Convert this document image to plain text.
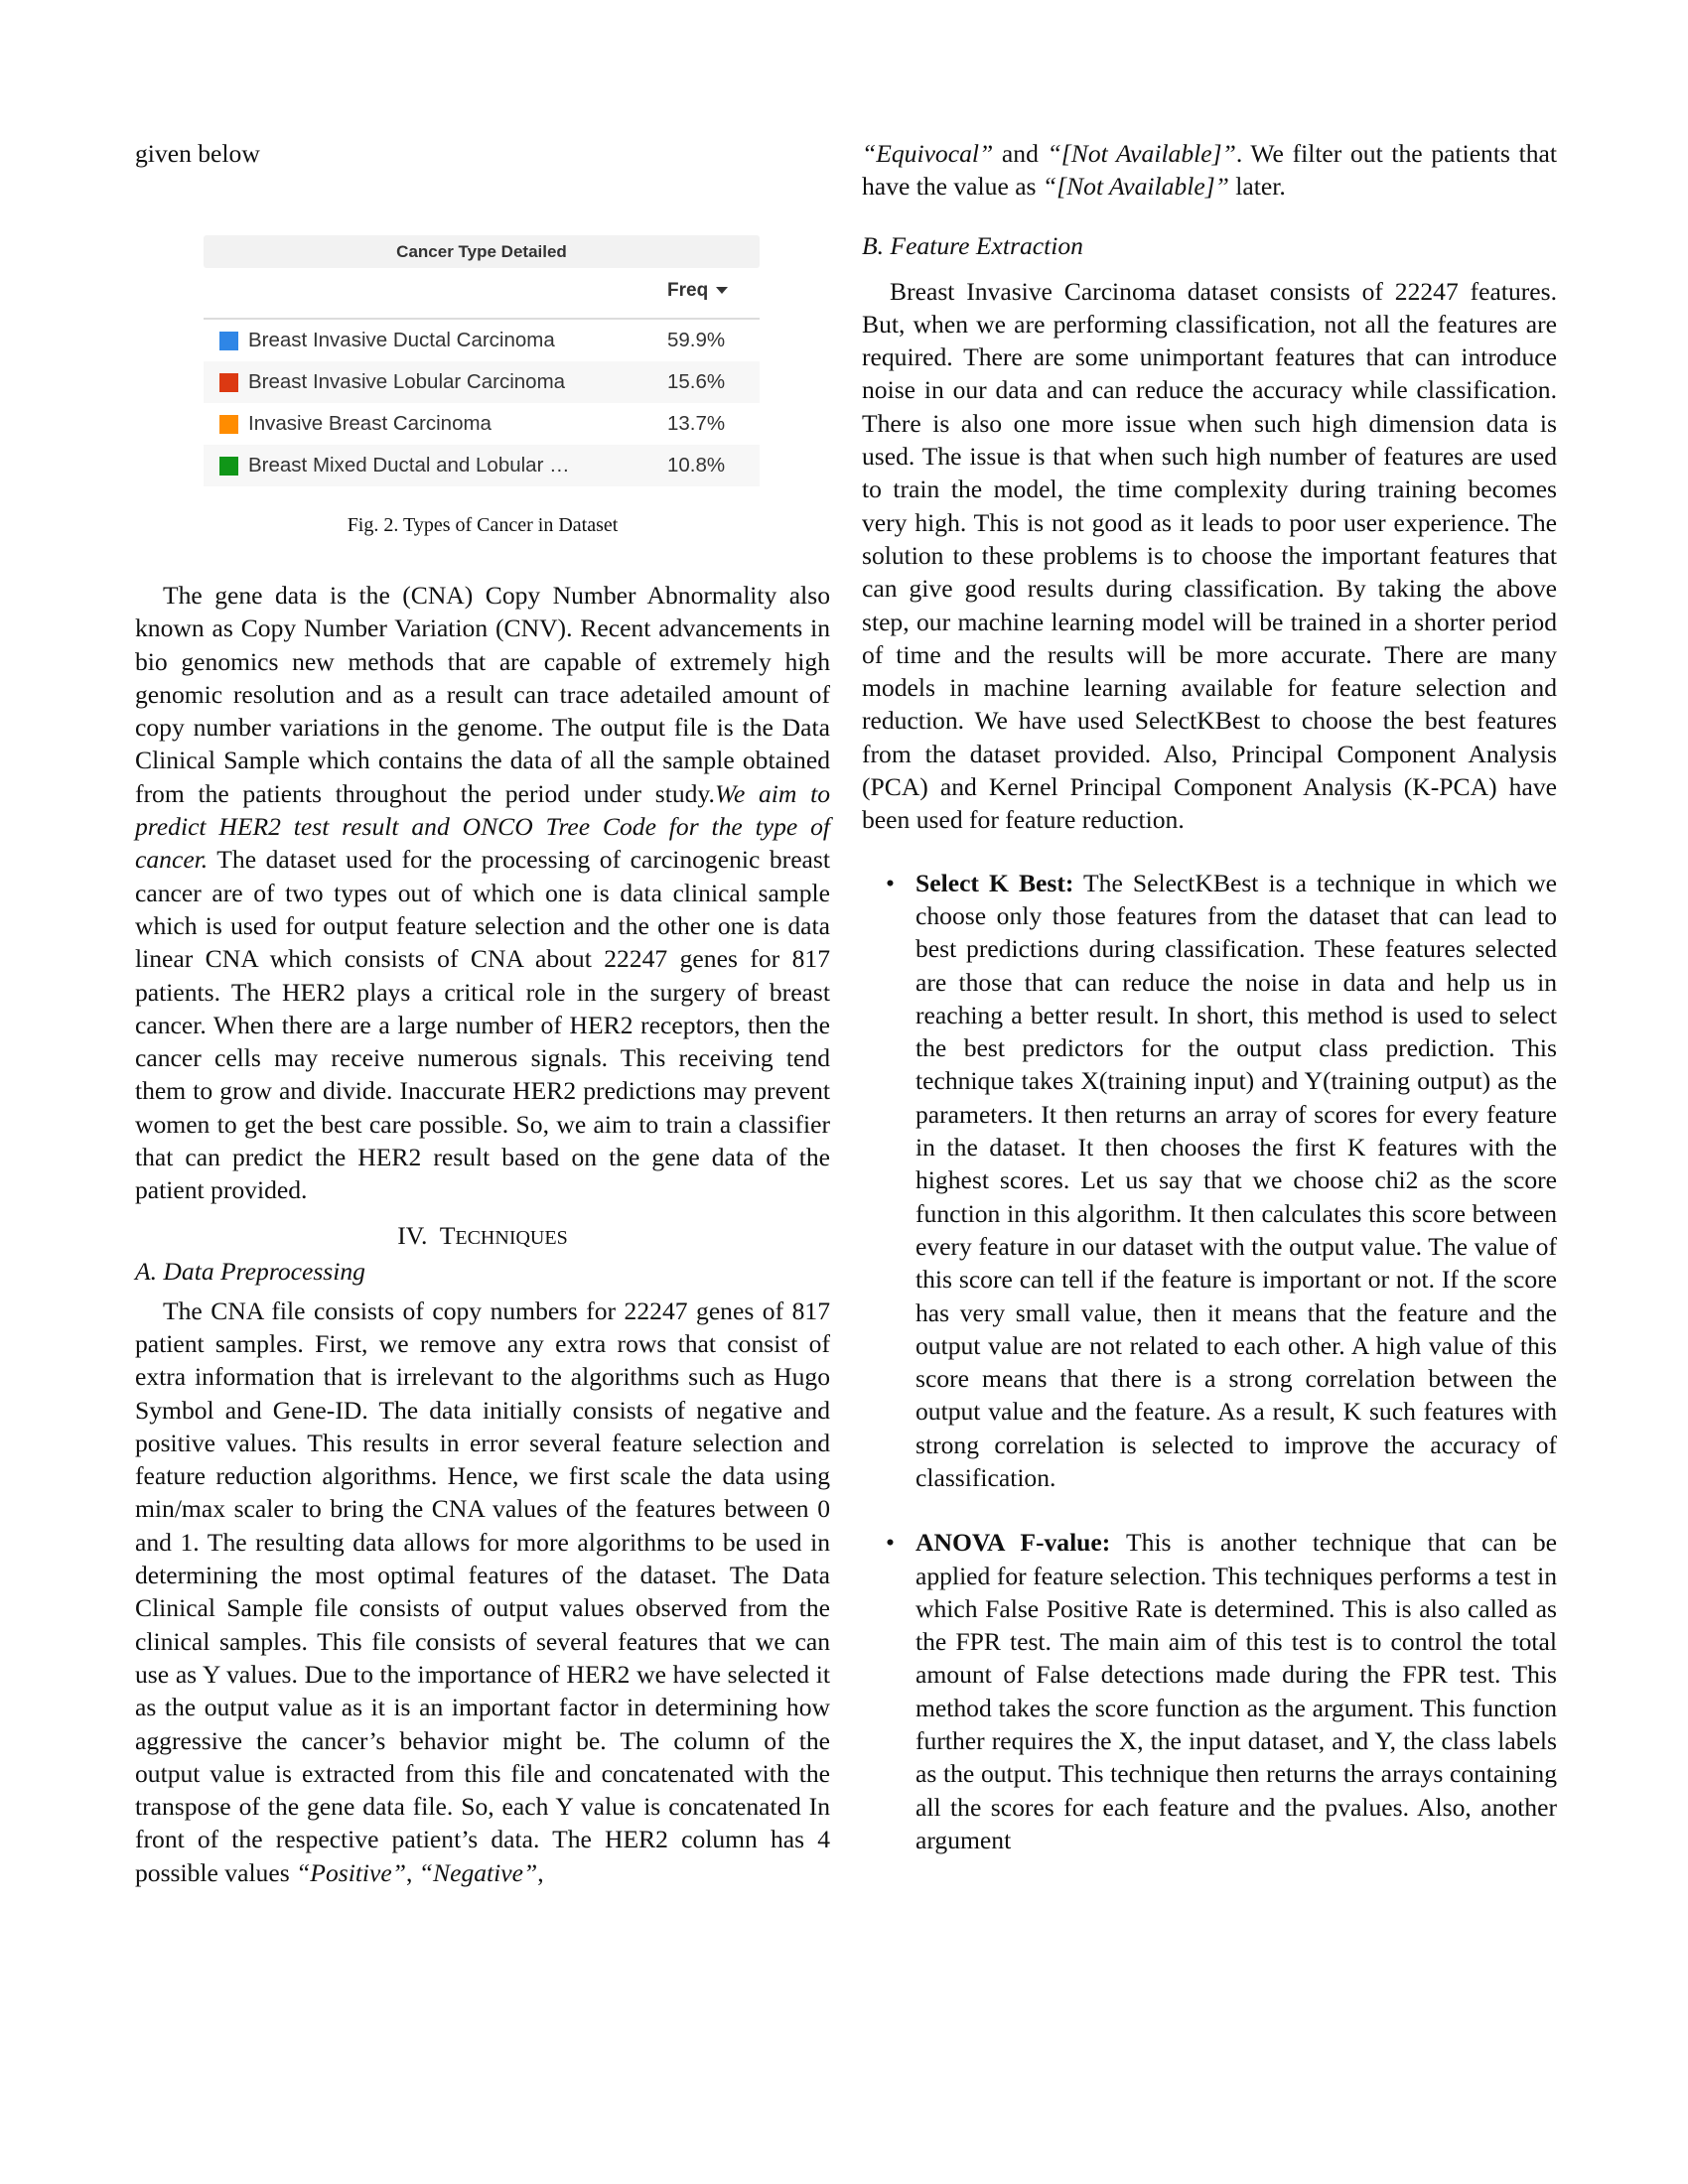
given below
Cancer Type Detailed
Freq
Breast Invasive Ductal Carcinoma	59.9%
Breast Invasive Lobular Carcinoma	15.6%
Invasive Breast Carcinoma	13.7%
Breast Mixed Ductal and Lobular …	10.8%
Fig. 2. Types of Cancer in Dataset

The gene data is the (CNA) Copy Number Abnormality also known as Copy Number Variation (CNV). Recent advancements in bio genomics new methods that are capable of extremely high genomic resolution and as a result can trace adetailed amount of copy number variations in the genome. The output file is the Data Clinical Sample which contains the data of all the sample obtained from the patients throughout the period under study.We aim to predict HER2 test result and ONCO Tree Code for the type of cancer. The dataset used for the processing of carcinogenic breast cancer are of two types out of which one is data clinical sample which is used for output feature selection and the other one is data linear CNA which consists of CNA about 22247 genes for 817 patients. The HER2 plays a critical role in the surgery of breast cancer. When there are a large number of HER2 receptors, then the cancer cells may receive numerous signals. This receiving tend them to grow and divide. Inaccurate HER2 predictions may prevent women to get the best care possible. So, we aim to train a classifier that can predict the HER2 result based on the gene data of the patient provided.

IV. TECHNIQUES

A. Data Preprocessing

The CNA file consists of copy numbers for 22247 genes of 817 patient samples. First, we remove any extra rows that consist of extra information that is irrelevant to the algorithms such as Hugo Symbol and Gene-ID. The data initially consists of negative and positive values. This results in error several feature selection and feature reduction algorithms. Hence, we first scale the data using min/max scaler to bring the CNA values of the features between 0 and 1. The resulting data allows for more algorithms to be used in determining the most optimal features of the dataset. The Data Clinical Sample file consists of output values observed from the clinical samples. This file consists of several features that we can use as Y values. Due to the importance of HER2 we have selected it as the output value as it is an important factor in determining how aggressive the cancer’s behavior might be. The column of the output value is extracted from this file and concatenated with the transpose of the gene data file. So, each Y value is concatenated In front of the respective patient’s data. The HER2 column has 4 possible values “Positive”, “Negative”,

“Equivocal” and “[Not Available]”. We filter out the patients that have the value as “[Not Available]” later.

B. Feature Extraction

Breast Invasive Carcinoma dataset consists of 22247 features. But, when we are performing classification, not all the features are required. There are some unimportant features that can introduce noise in our data and can reduce the accuracy while classification. There is also one more issue when such high dimension data is used. The issue is that when such high number of features are used to train the model, the time complexity during training becomes very high. This is not good as it leads to poor user experience. The solution to these problems is to choose the important features that can give good results during classification. By taking the above step, our machine learning model will be trained in a shorter period of time and the results will be more accurate. There are many models in machine learning available for feature selection and reduction. We have used SelectKBest to choose the best features from the dataset provided. Also, Principal Component Analysis (PCA) and Kernel Principal Component Analysis (K-PCA) have been used for feature reduction.

• Select K Best: The SelectKBest is a technique in which we choose only those features from the dataset that can lead to best predictions during classification. These features selected are those that can reduce the noise in data and help us in reaching a better result. In short, this method is used to select the best predictors for the output class prediction. This technique takes X(training input) and Y(training output) as the parameters. It then returns an array of scores for every feature in the dataset. It then chooses the first K features with the highest scores. Let us say that we choose chi2 as the score function in this algorithm. It then calculates this score between every feature in our dataset with the output value. The value of this score can tell if the feature is important or not. If the score has very small value, then it means that the feature and the output value are not related to each other. A high value of this score means that there is a strong correlation between the output value and the feature. As a result, K such features with strong correlation is selected to improve the accuracy of classification.

• ANOVA F-value: This is another technique that can be applied for feature selection. This techniques performs a test in which False Positive Rate is determined. This is also called as the FPR test. The main aim of this test is to control the total amount of False detections made during the FPR test. This method takes the score function as the argument. This function further requires the X, the input dataset, and Y, the class labels as the output. This technique then returns the arrays containing all the scores for each feature and the pvalues. Also, another argument
